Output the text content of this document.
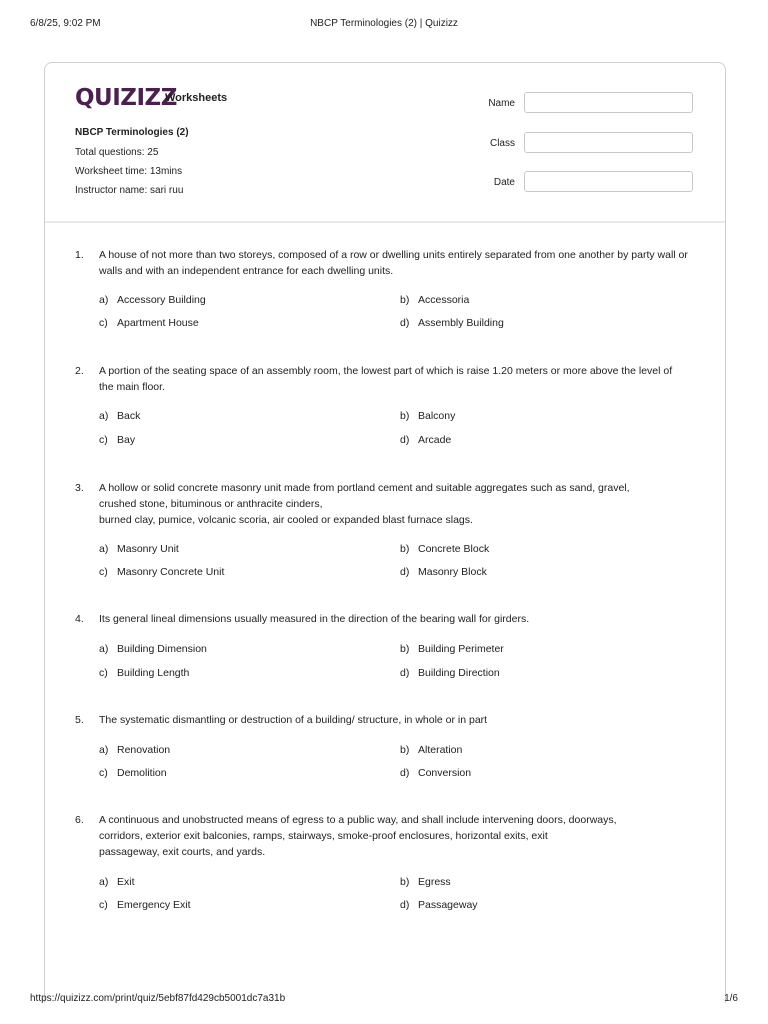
6/8/25, 9:02 PM	NBCP Terminologies (2) | Quizizz
QUIZIZZ
Worksheets
NBCP Terminologies (2)
Total questions: 25
Worksheet time: 13mins
Instructor name: sari ruu
Name
Class
Date
1. A house of not more than two storeys, composed of a row or dwelling units entirely separated from one another by party wall or walls and with an independent entrance for each dwelling units.
a) Accessory Building	b) Accessoria
c) Apartment House	d) Assembly Building
2. A portion of the seating space of an assembly room, the lowest part of which is raise 1.20 meters or more above the level of the main floor.
a) Back	b) Balcony
c) Bay	d) Arcade
3. A hollow or solid concrete masonry unit made from portland cement and suitable aggregates such as sand, gravel,
crushed stone, bituminous or anthracite cinders,
burned clay, pumice, volcanic scoria, air cooled or expanded blast furnace slags.
a) Masonry Unit	b) Concrete Block
c) Masonry Concrete Unit	d) Masonry Block
4. Its general lineal dimensions usually measured in the direction of the bearing wall for girders.
a) Building Dimension	b) Building Perimeter
c) Building Length	d) Building Direction
5. The systematic dismantling or destruction of a building/ structure, in whole or in part
a) Renovation	b) Alteration
c) Demolition	d) Conversion
6. A continuous and unobstructed means of egress to a public way, and shall include intervening doors, doorways,
corridors, exterior exit balconies, ramps, stairways, smoke-proof enclosures, horizontal exits, exit
passageway, exit courts, and yards.
a) Exit	b) Egress
c) Emergency Exit	d) Passageway
https://quizizz.com/print/quiz/5ebf87fd429cb5001dc7a31b	1/6
